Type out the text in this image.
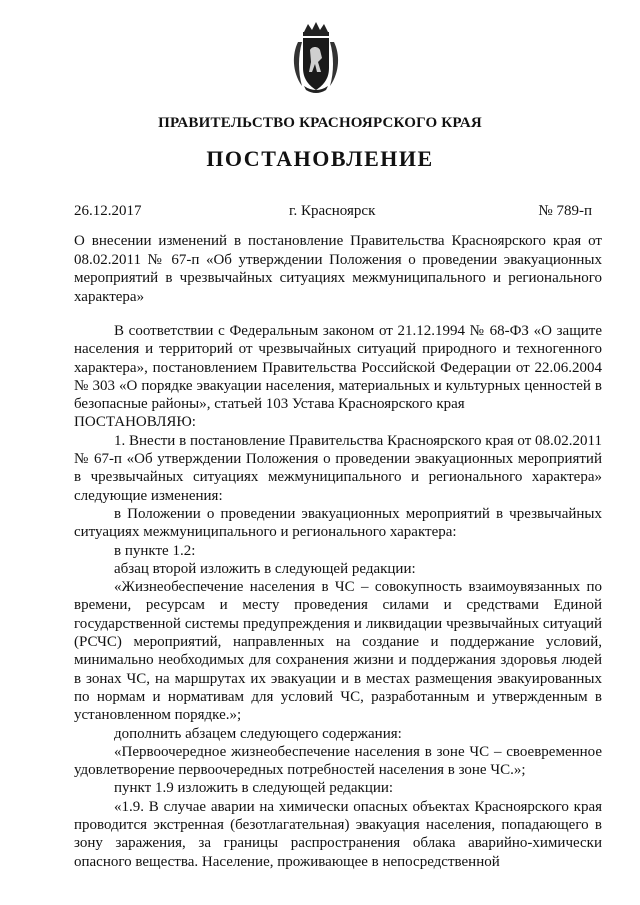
ПРАВИТЕЛЬСТВО КРАСНОЯРСКОГО КРАЯ
ПОСТАНОВЛЕНИЕ
26.12.2017	г. Красноярск	№ 789-п
О внесении изменений в постановление Правительства Красноярского края от 08.02.2011 № 67-п «Об утверждении Положения о проведении эвакуационных мероприятий в чрезвычайных ситуациях межмуниципального и регионального характера»

В соответствии с Федеральным законом от 21.12.1994 № 68-ФЗ «О защите населения и территорий от чрезвычайных ситуаций природного и техногенного характера», постановлением Правительства Российской Федерации от 22.06.2004 № 303 «О порядке эвакуации населения, материальных и культурных ценностей в безопасные районы», статьей 103 Устава Красноярского края

ПОСТАНОВЛЯЮ:

1. Внести в постановление Правительства Красноярского края от 08.02.2011 № 67-п «Об утверждении Положения о проведении эвакуационных мероприятий в чрезвычайных ситуациях межмуниципального и регионального характера» следующие изменения:

в Положении о проведении эвакуационных мероприятий в чрезвычайных ситуациях межмуниципального и регионального характера:

в пункте 1.2:

абзац второй изложить в следующей редакции:

«Жизнеобеспечение населения в ЧС – совокупность взаимоувязанных по времени, ресурсам и месту проведения силами и средствами Единой государственной системы предупреждения и ликвидации чрезвычайных ситуаций (РСЧС) мероприятий, направленных на создание и поддержание условий, минимально необходимых для сохранения жизни и поддержания здоровья людей в зонах ЧС, на маршрутах их эвакуации и в местах размещения эвакуированных по нормам и нормативам для условий ЧС, разработанным и утвержденным в установленном порядке.»;

дополнить абзацем следующего содержания:

«Первоочередное жизнеобеспечение населения в зоне ЧС – своевременное удовлетворение первоочередных потребностей населения в зоне ЧС.»;

пункт 1.9 изложить в следующей редакции:

«1.9. В случае аварии на химически опасных объектах Красноярского края проводится экстренная (безотлагательная) эвакуация населения, попадающего в зону заражения, за границы распространения облака аварийно-химически опасного вещества. Население, проживающее в непосредственной
